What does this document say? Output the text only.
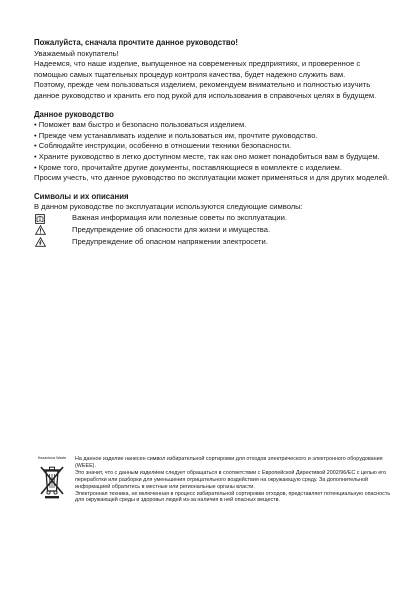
Пожалуйста, сначала прочтите данное руководство!

Уважаемый покупатель!

Надеемся, что наше изделие, выпущенное на современных предприятиях, и проверенное с помощью самых тщательных процедур контроля качества, будет надежно служить вам.

Поэтому, прежде чем пользоваться изделием, рекомендуем внимательно и полностью изучить данное руководство и хранить его под рукой для использования в справочных целях в будущем.

Данное руководство

• Поможет вам быстро и безопасно пользоваться изделием.

• Прежде чем устанавливать изделие и пользоваться им, прочтите руководство.

• Соблюдайте инструкции, особенно в отношении техники безопасности.

• Храните руководство в легко доступном месте, так как оно может понадобиться вам в будущем.

• Кроме того, прочитайте другие документы, поставляющиеся в комплекте с изделием.

Просим учесть, что данное руководство по эксплуатации может применяться и для других моделей.

Символы и их описания

В данном руководстве по эксплуатации используются следующие символы:

Важная информация или полезные советы по эксплуатации.
Предупреждение об опасности для жизни и имущества.
Предупреждение об опасном напряжении электросети.
Hazardous Waste На данное изделие нанесен символ избирательной сортировки для отходов электрического и электронного оборудования (WEEE).

Это значит, что с данным изделием следует обращаться в соответствии с Европейской Директивой 2002/96/EC с целью его переработки или разборки для уменьшения отрицательного воздействия на окружающую среду. За дополнительной информацией обратитесь в местные или региональные органы власти.

Электронная техника, не включенная в процесс избирательной сортировки отходов, представляет потенциальную опасность для окружающей среды и здоровья людей из-за наличия в ней опасных веществ.
